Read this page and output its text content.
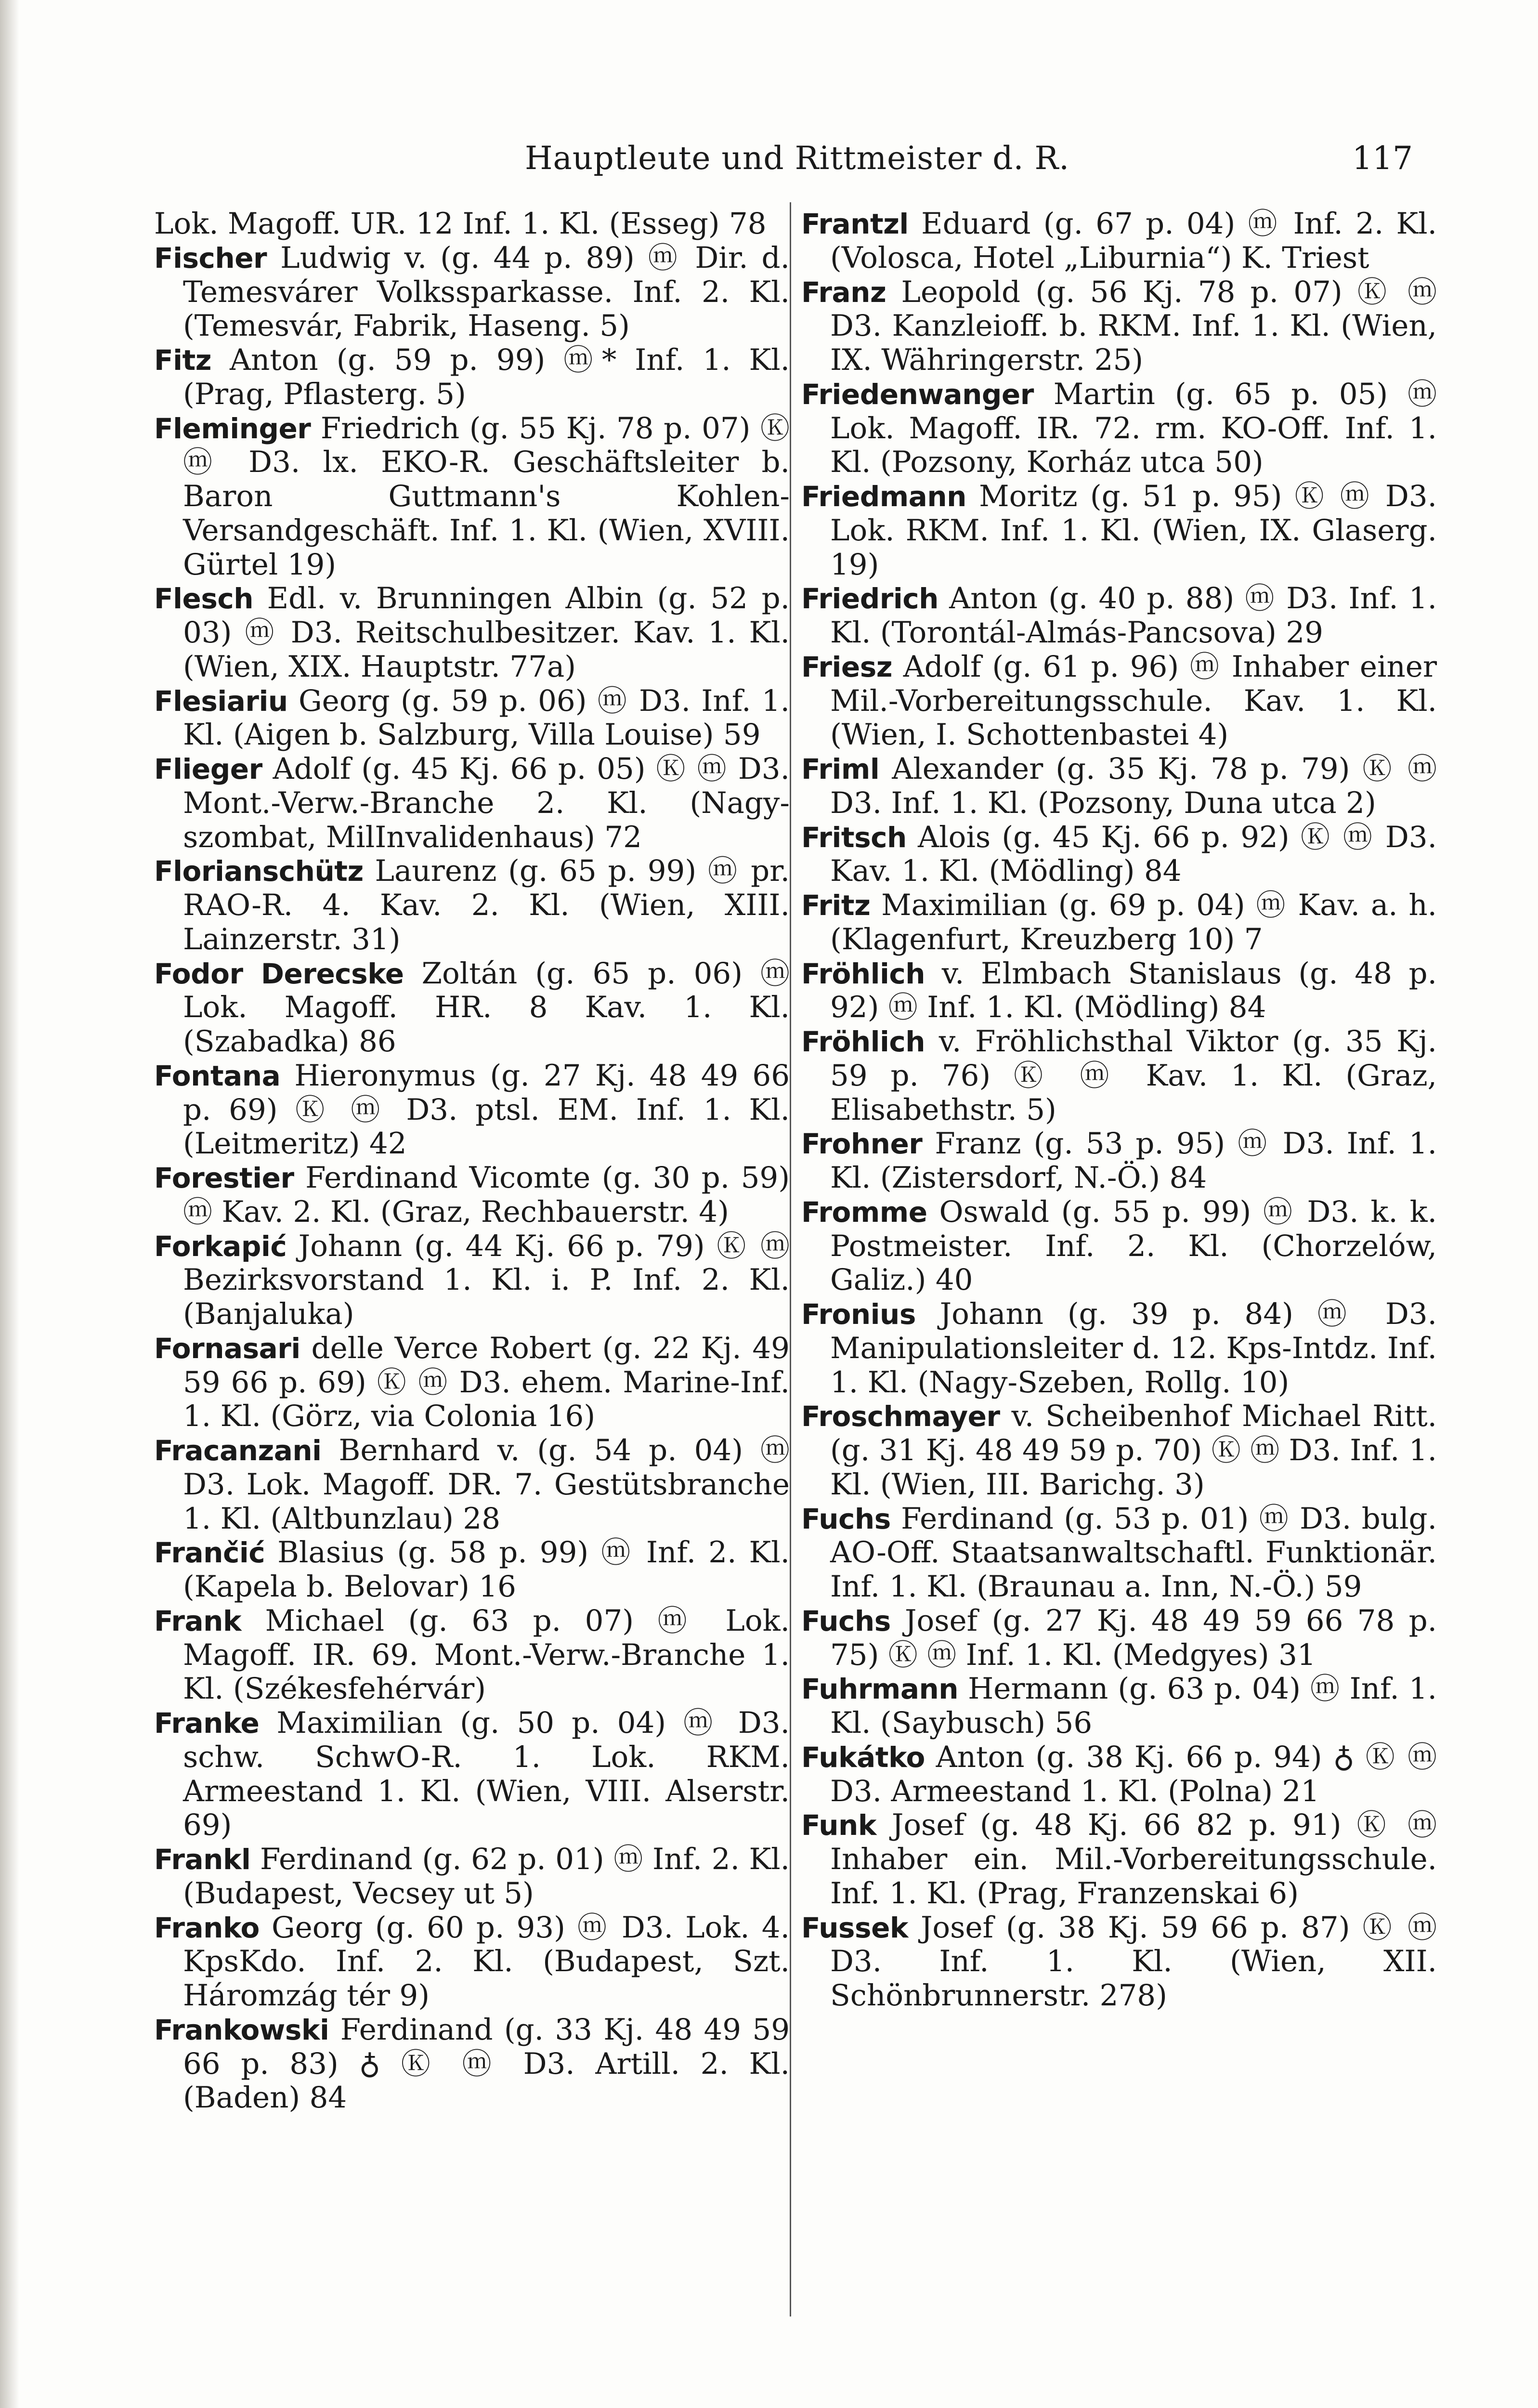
Hauptleute und Rittmeister d. R.	117
Lok. Magoff. UR. 12 Inf. 1. Kl. (Esseg) 78
Fischer Ludwig v. (g. 44 p. 89) ⓜ Dir. d. Temesvárer Volkssparkasse. Inf. 2. Kl. (Temesvár, Fabrik, Haseng. 5)
Fitz Anton (g. 59 p. 99) ⓜ* Inf. 1. Kl. (Prag, Pflasterg. 5)
Fleminger Friedrich (g. 55 Kj. 78 p. 07) Ⓚ ⓜ D3. lx. EKO-R. Geschäftsleiter b. Baron Guttmann's Kohlen-Versandgeschäft. Inf. 1. Kl. (Wien, XVIII. Gürtel 19)
Flesch Edl. v. Brunningen Albin (g. 52 p. 03) ⓜ D3. Reitschulbesitzer. Kav. 1. Kl. (Wien, XIX. Hauptstr. 77a)
Flesiariu Georg (g. 59 p. 06) ⓜ D3. Inf. 1. Kl. (Aigen b. Salzburg, Villa Louise) 59
Flieger Adolf (g. 45 Kj. 66 p. 05) Ⓚ ⓜ D3. Mont.-Verw.-Branche 2. Kl. (Nagy-szombat, MilInvalidenhaus) 72
Florianschütz Laurenz (g. 65 p. 99) ⓜ pr. RAO-R. 4. Kav. 2. Kl. (Wien, XIII. Lainzerstr. 31)
Fodor Derecske Zoltán (g. 65 p. 06) ⓜ Lok. Magoff. HR. 8 Kav. 1. Kl. (Szabadka) 86
Fontana Hieronymus (g. 27 Kj. 48 49 66 p. 69) Ⓚ ⓜ D3. ptsl. EM. Inf. 1. Kl. (Leitmeritz) 42
Forestier Ferdinand Vicomte (g. 30 p. 59) ⓜ Kav. 2. Kl. (Graz, Rechbauerstr. 4)
Forkapić Johann (g. 44 Kj. 66 p. 79) Ⓚ ⓜ Bezirksvorstand 1. Kl. i. P. Inf. 2. Kl. (Banjaluka)
Fornasari delle Verce Robert (g. 22 Kj. 49 59 66 p. 69) Ⓚ ⓜ D3. ehem. Marine-Inf. 1. Kl. (Görz, via Colonia 16)
Fracanzani Bernhard v. (g. 54 p. 04) ⓜ D3. Lok. Magoff. DR. 7. Gestütsbranche 1. Kl. (Altbunzlau) 28
Frančić Blasius (g. 58 p. 99) ⓜ Inf. 2. Kl. (Kapela b. Belovar) 16
Frank Michael (g. 63 p. 07) ⓜ Lok. Magoff. IR. 69. Mont.-Verw.-Branche 1. Kl. (Székesfehérvár)
Franke Maximilian (g. 50 p. 04) ⓜ D3. schw. SchwO-R. 1. Lok. RKM. Armeestand 1. Kl. (Wien, VIII. Alserstr. 69)
Frankl Ferdinand (g. 62 p. 01) ⓜ Inf. 2. Kl. (Budapest, Vecsey ut 5)
Franko Georg (g. 60 p. 93) ⓜ D3. Lok. 4. KpsKdo. Inf. 2. Kl. (Budapest, Szt. Háromzág tér 9)
Frankowski Ferdinand (g. 33 Kj. 48 49 59 66 p. 83) ♁ Ⓚ ⓜ D3. Artill. 2. Kl. (Baden) 84
Frantzl Eduard (g. 67 p. 04) ⓜ Inf. 2. Kl. (Volosca, Hotel „Liburnia“) K. Triest
Franz Leopold (g. 56 Kj. 78 p. 07) Ⓚ ⓜ D3. Kanzleioff. b. RKM. Inf. 1. Kl. (Wien, IX. Währingerstr. 25)
Friedenwanger Martin (g. 65 p. 05) ⓜ Lok. Magoff. IR. 72. rm. KO-Off. Inf. 1. Kl. (Pozsony, Korház utca 50)
Friedmann Moritz (g. 51 p. 95) Ⓚ ⓜ D3. Lok. RKM. Inf. 1. Kl. (Wien, IX. Glaserg. 19)
Friedrich Anton (g. 40 p. 88) ⓜ D3. Inf. 1. Kl. (Torontál-Almás-Pancsova) 29
Friesz Adolf (g. 61 p. 96) ⓜ Inhaber einer Mil.-Vorbereitungsschule. Kav. 1. Kl. (Wien, I. Schottenbastei 4)
Friml Alexander (g. 35 Kj. 78 p. 79) Ⓚ ⓜ D3. Inf. 1. Kl. (Pozsony, Duna utca 2)
Fritsch Alois (g. 45 Kj. 66 p. 92) Ⓚ ⓜ D3. Kav. 1. Kl. (Mödling) 84
Fritz Maximilian (g. 69 p. 04) ⓜ Kav. a. h. (Klagenfurt, Kreuzberg 10) 7
Fröhlich v. Elmbach Stanislaus (g. 48 p. 92) ⓜ Inf. 1. Kl. (Mödling) 84
Fröhlich v. Fröhlichsthal Viktor (g. 35 Kj. 59 p. 76) Ⓚ ⓜ Kav. 1. Kl. (Graz, Elisabethstr. 5)
Frohner Franz (g. 53 p. 95) ⓜ D3. Inf. 1. Kl. (Zistersdorf, N.-Ö.) 84
Fromme Oswald (g. 55 p. 99) ⓜ D3. k. k. Postmeister. Inf. 2. Kl. (Chorzelów, Galiz.) 40
Fronius Johann (g. 39 p. 84) ⓜ D3. Manipulationsleiter d. 12. Kps-Intdz. Inf. 1. Kl. (Nagy-Szeben, Rollg. 10)
Froschmayer v. Scheibenhof Michael Ritt. (g. 31 Kj. 48 49 59 p. 70) Ⓚ ⓜ D3. Inf. 1. Kl. (Wien, III. Barichg. 3)
Fuchs Ferdinand (g. 53 p. 01) ⓜ D3. bulg. AO-Off. Staatsanwaltschaftl. Funktionär. Inf. 1. Kl. (Braunau a. Inn, N.-Ö.) 59
Fuchs Josef (g. 27 Kj. 48 49 59 66 78 p. 75) Ⓚ ⓜ Inf. 1. Kl. (Medgyes) 31
Fuhrmann Hermann (g. 63 p. 04) ⓜ Inf. 1. Kl. (Saybusch) 56
Fukátko Anton (g. 38 Kj. 66 p. 94) ♁ Ⓚ ⓜ D3. Armeestand 1. Kl. (Polna) 21
Funk Josef (g. 48 Kj. 66 82 p. 91) Ⓚ ⓜ Inhaber ein. Mil.-Vorbereitungsschule. Inf. 1. Kl. (Prag, Franzenskai 6)
Fussek Josef (g. 38 Kj. 59 66 p. 87) Ⓚ ⓜ D3. Inf. 1. Kl. (Wien, XII. Schönbrunnerstr. 278)
